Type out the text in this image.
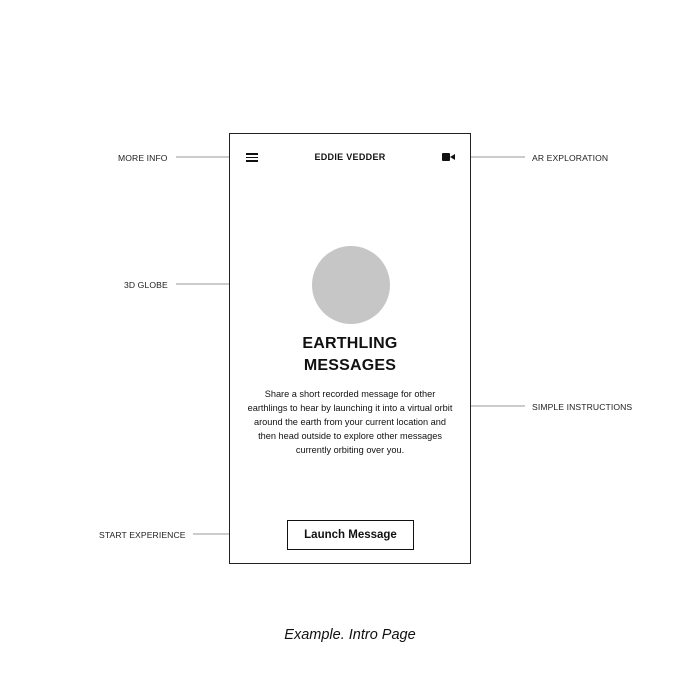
MORE INFO	AR EXPLORATION
3D GLOBE
SIMPLE INSTRUCTIONS
START EXPERIENCE
EDDIE VEDDER
EARTHLING
MESSAGES
Share a short recorded message for other earthlings to hear by launching it into a virtual orbit around the earth from your current location and then head outside to explore other messages currently orbiting over you.
Launch Message
Example. Intro Page
